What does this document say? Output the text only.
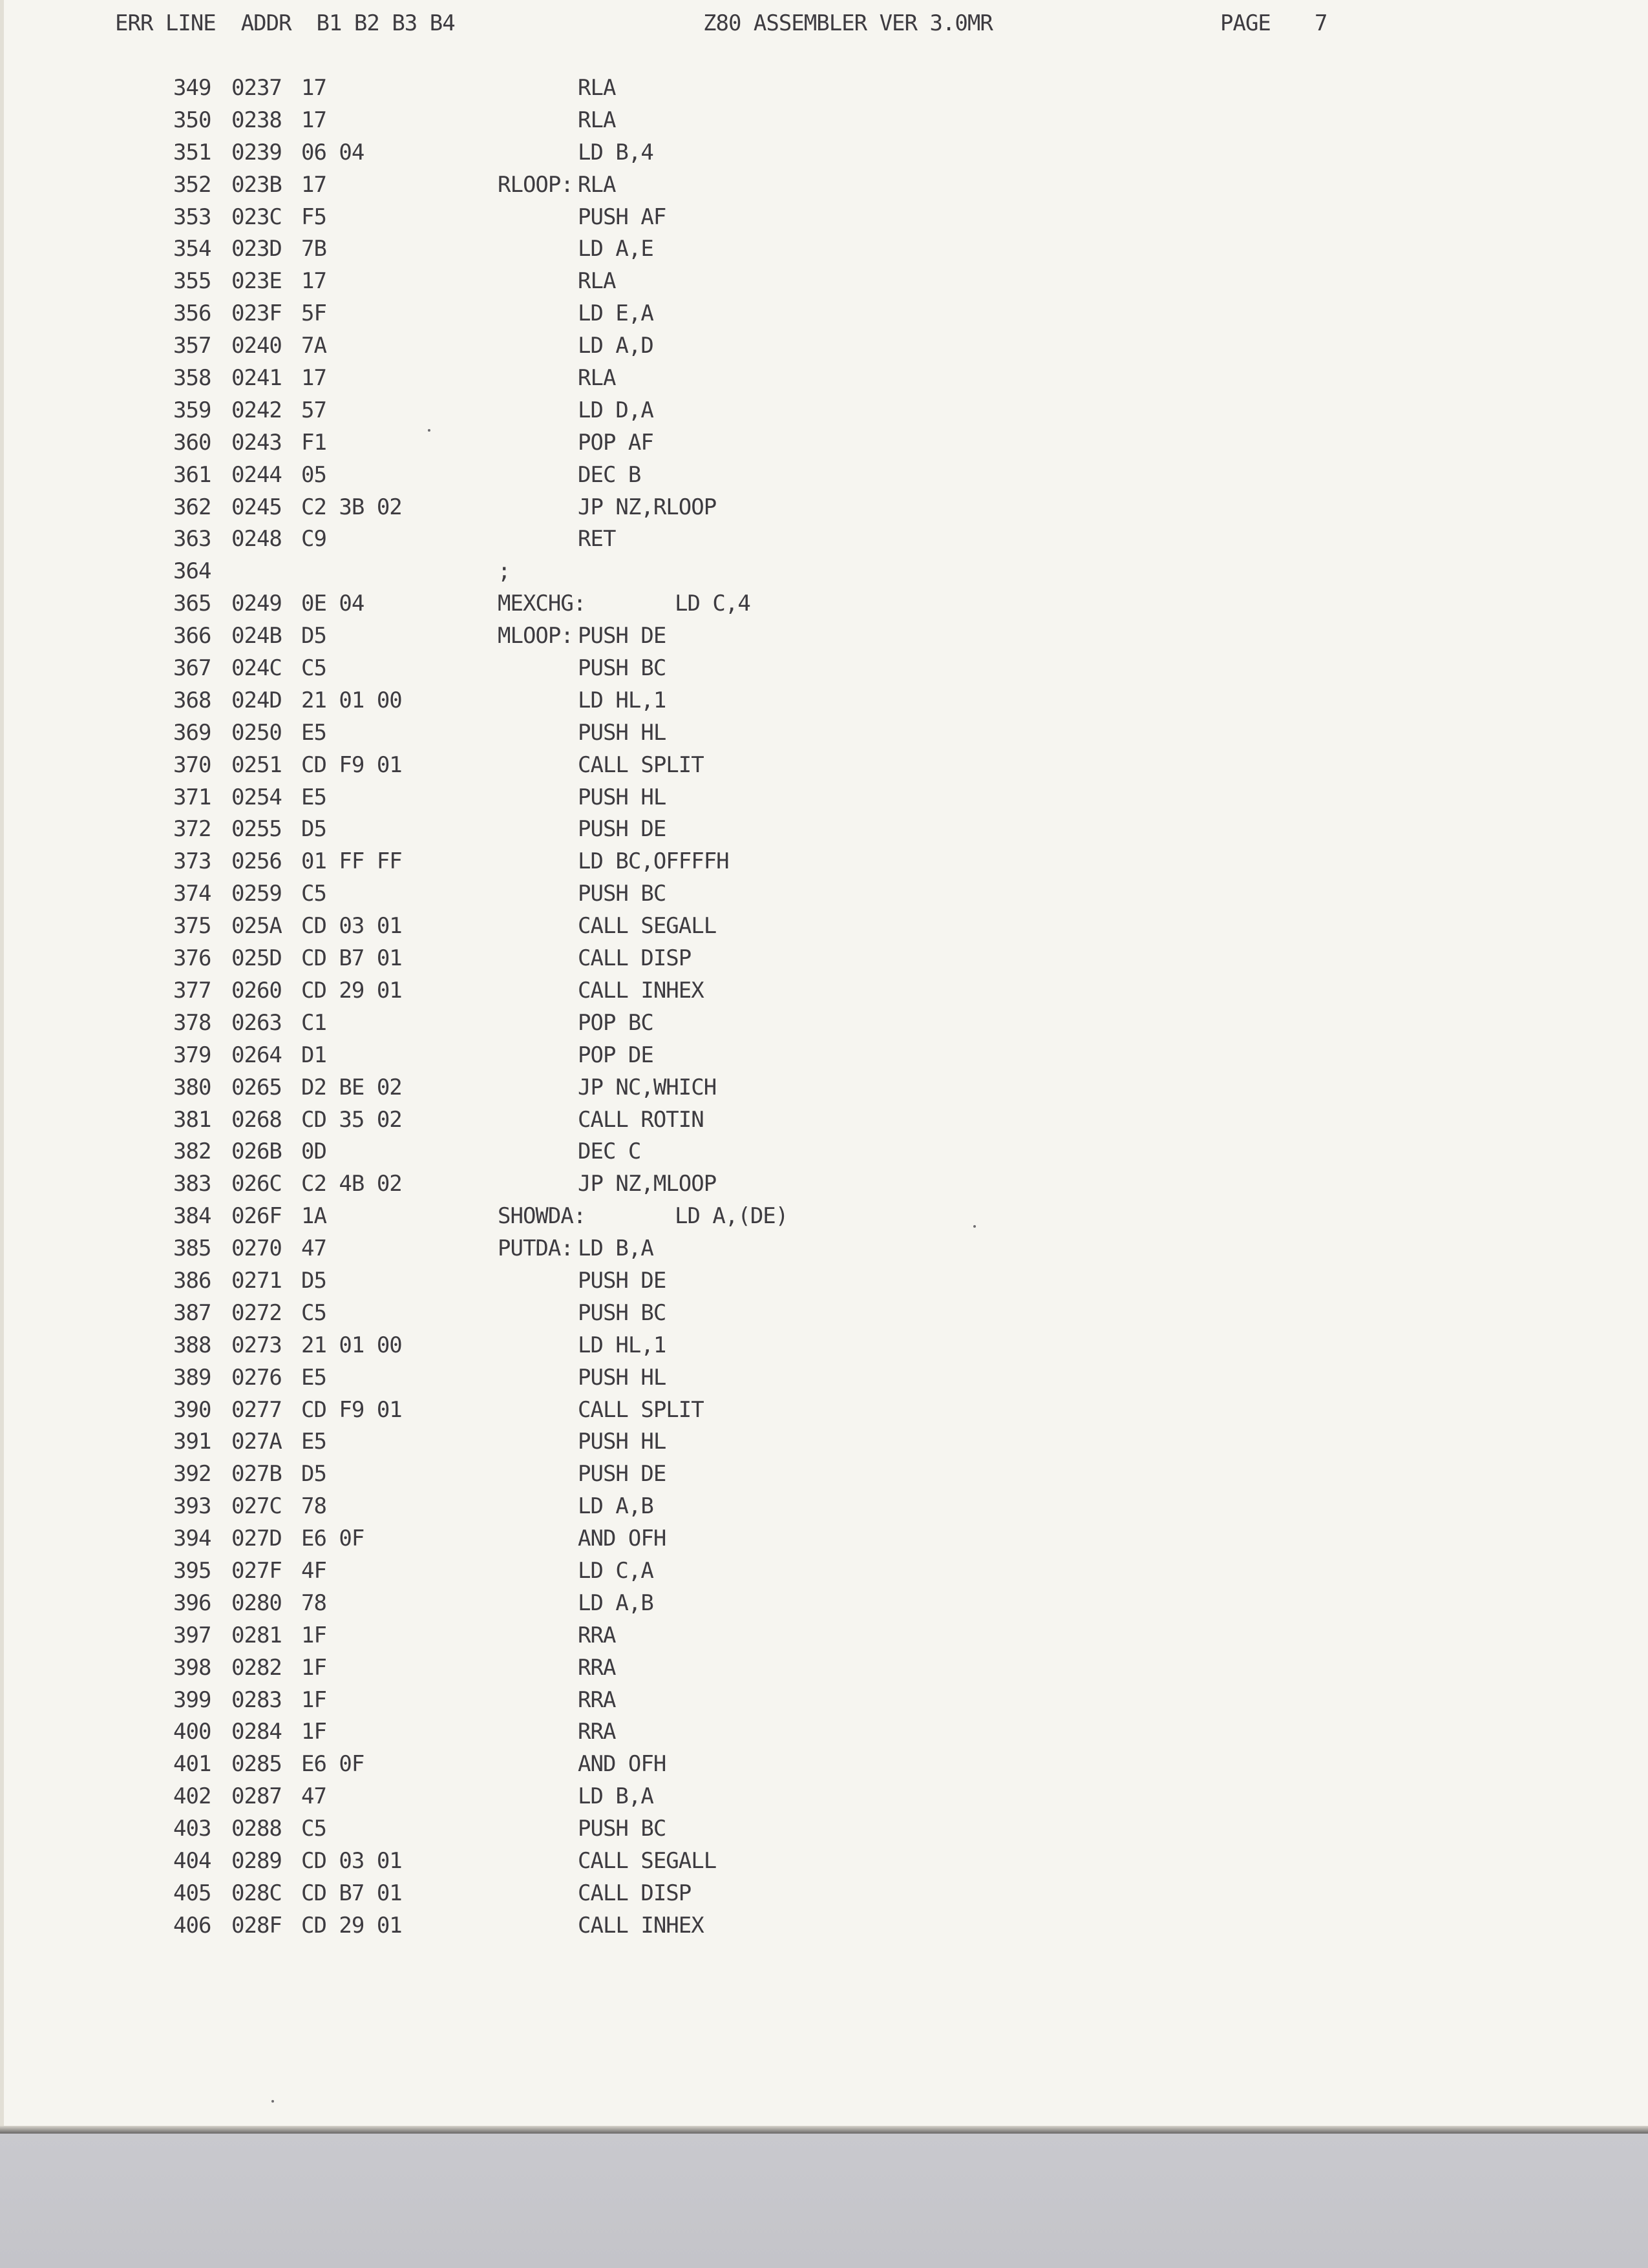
ERR LINE  ADDR  B1 B2 B3 B4	Z80 ASSEMBLER VER 3.0MR	PAGE 7
349 0237 17	RLA
350 0238 17	RLA
351 0239 06 04	LD B,4
352 023B 17	RLOOP: RLA
353 023C F5	PUSH AF
354 023D 7B	LD A,E
355 023E 17	RLA
356 023F 5F	LD E,A
357 0240 7A	LD A,D
358 0241 17	RLA
359 0242 57	LD D,A
360 0243 F1	POP AF
361 0244 05	DEC B
362 0245 C2 3B 02	JP NZ,RLOOP
363 0248 C9	RET
364	;
365 0249 0E 04	MEXCHG:	LD C,4
366 024B D5	MLOOP: PUSH DE
367 024C C5	PUSH BC
368 024D 21 01 00	LD HL,1
369 0250 E5	PUSH HL
370 0251 CD F9 01	CALL SPLIT
371 0254 E5	PUSH HL
372 0255 D5	PUSH DE
373 0256 01 FF FF	LD BC,OFFFFH
374 0259 C5	PUSH BC
375 025A CD 03 01	CALL SEGALL
376 025D CD B7 01	CALL DISP
377 0260 CD 29 01	CALL INHEX
378 0263 C1	POP BC
379 0264 D1	POP DE
380 0265 D2 BE 02	JP NC,WHICH
381 0268 CD 35 02	CALL ROTIN
382 026B 0D	DEC C
383 026C C2 4B 02	JP NZ,MLOOP
384 026F 1A	SHOWDA:	LD A,(DE)
385 0270 47	PUTDA: LD B,A
386 0271 D5	PUSH DE
387 0272 C5	PUSH BC
388 0273 21 01 00	LD HL,1
389 0276 E5	PUSH HL
390 0277 CD F9 01	CALL SPLIT
391 027A E5	PUSH HL
392 027B D5	PUSH DE
393 027C 78	LD A,B
394 027D E6 0F	AND OFH
395 027F 4F	LD C,A
396 0280 78	LD A,B
397 0281 1F	RRA
398 0282 1F	RRA
399 0283 1F	RRA
400 0284 1F	RRA
401 0285 E6 0F	AND OFH
402 0287 47	LD B,A
403 0288 C5	PUSH BC
404 0289 CD 03 01	CALL SEGALL
405 028C CD B7 01	CALL DISP
406 028F CD 29 01	CALL INHEX
